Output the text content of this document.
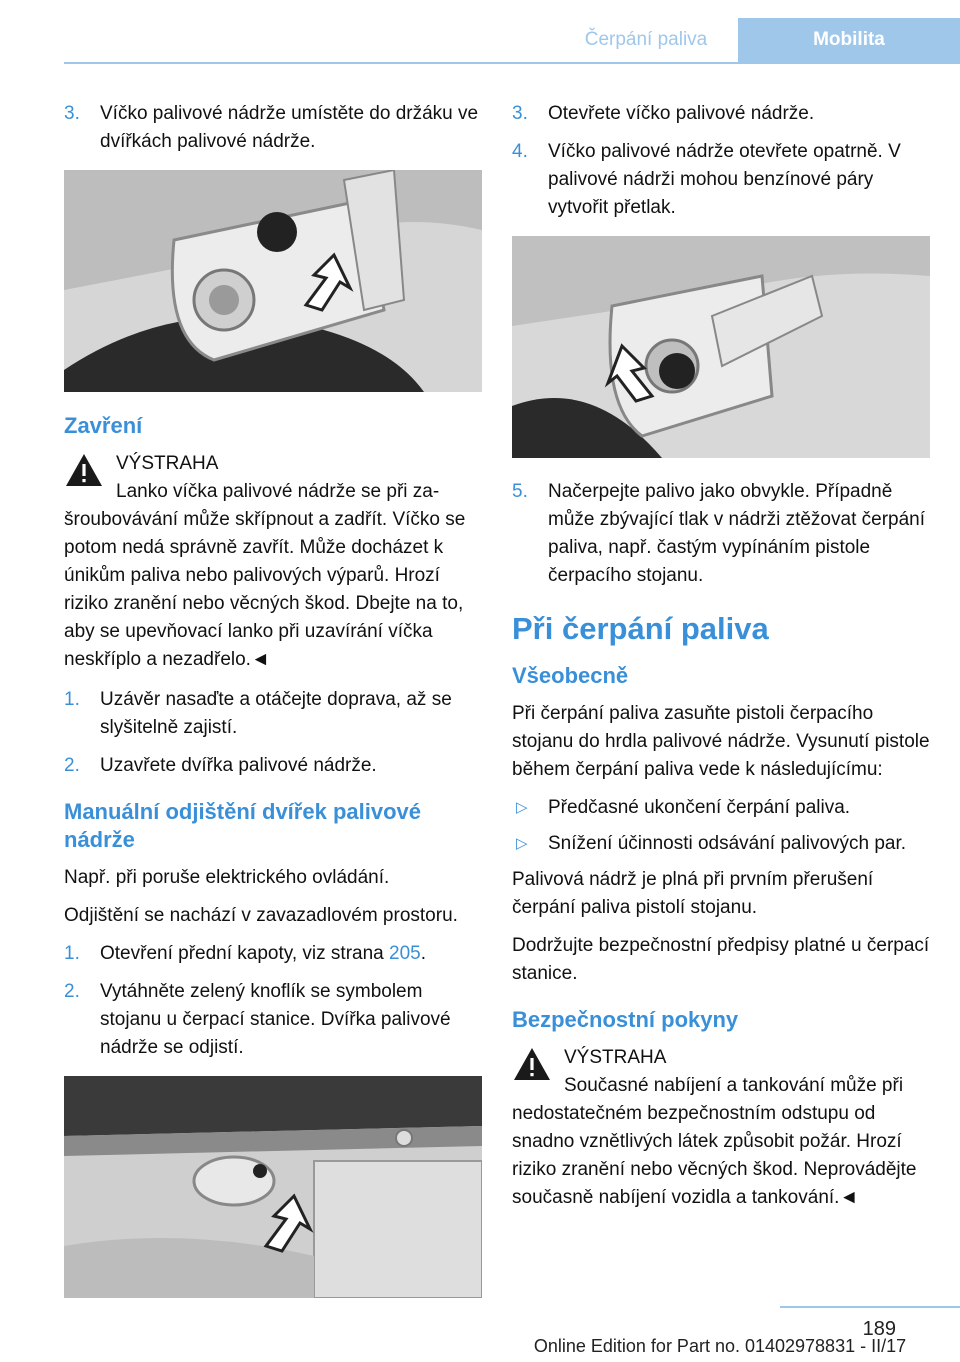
Čerpání paliva	Mobilita
3. Víčko palivové nádrže umístěte do držáku ve dvířkách palivové nádrže.
Zavření
VÝSTRAHA
Lanko víčka palivové nádrže se při za-
šroubovávání může skřípnout a zadřít. Víčko se potom nedá správně zavřít. Může docházet k únikům paliva nebo palivových výparů. Hrozí riziko zranění nebo věcných škod. Dbejte na to, aby se upevňovací lanko při uzavírání víčka neskříplo a nezadřelo.◄
1. Uzávěr nasaďte a otáčejte doprava, až se slyšitelně zajistí.
2. Uzavřete dvířka palivové nádrže.
Manuální odjištění dvířek palivové nádrže

Např. při poruše elektrického ovládání.

Odjištění se nachází v zavazadlovém prostoru.

1. Otevření přední kapoty, viz strana 205.
2. Vytáhněte zelený knoflík se symbolem stojanu u čerpací stanice. Dvířka palivové nádrže se odjistí.
3. Otevřete víčko palivové nádrže.
4. Víčko palivové nádrže otevřete opatrně. V palivové nádrži mohou benzínové páry vytvořit přetlak.
5. Načerpejte palivo jako obvykle. Případně může zbývající tlak v nádrži ztěžovat čerpání paliva, např. častým vypínáním pistole čerpacího stojanu.
Při čerpání paliva
Všeobecně

Při čerpání paliva zasuňte pistoli čerpacího stojanu do hrdla palivové nádrže. Vysunutí pistole během čerpání paliva vede k následujícímu:

▷ Předčasné ukončení čerpání paliva.
▷ Snížení účinnosti odsávání palivových par.

Palivová nádrž je plná při prvním přerušení čerpání paliva pistolí stojanu.

Dodržujte bezpečnostní předpisy platné u čerpací stanice.

Bezpečnostní pokyny
VÝSTRAHA
Současné nabíjení a tankování může při
nedostatečném bezpečnostním odstupu od snadno vznětlivých látek způsobit požár. Hrozí riziko zranění nebo věcných škod. Neprovádějte současně nabíjení vozidla a tankování.◄
189
Online Edition for Part no. 01402978831 - II/17
